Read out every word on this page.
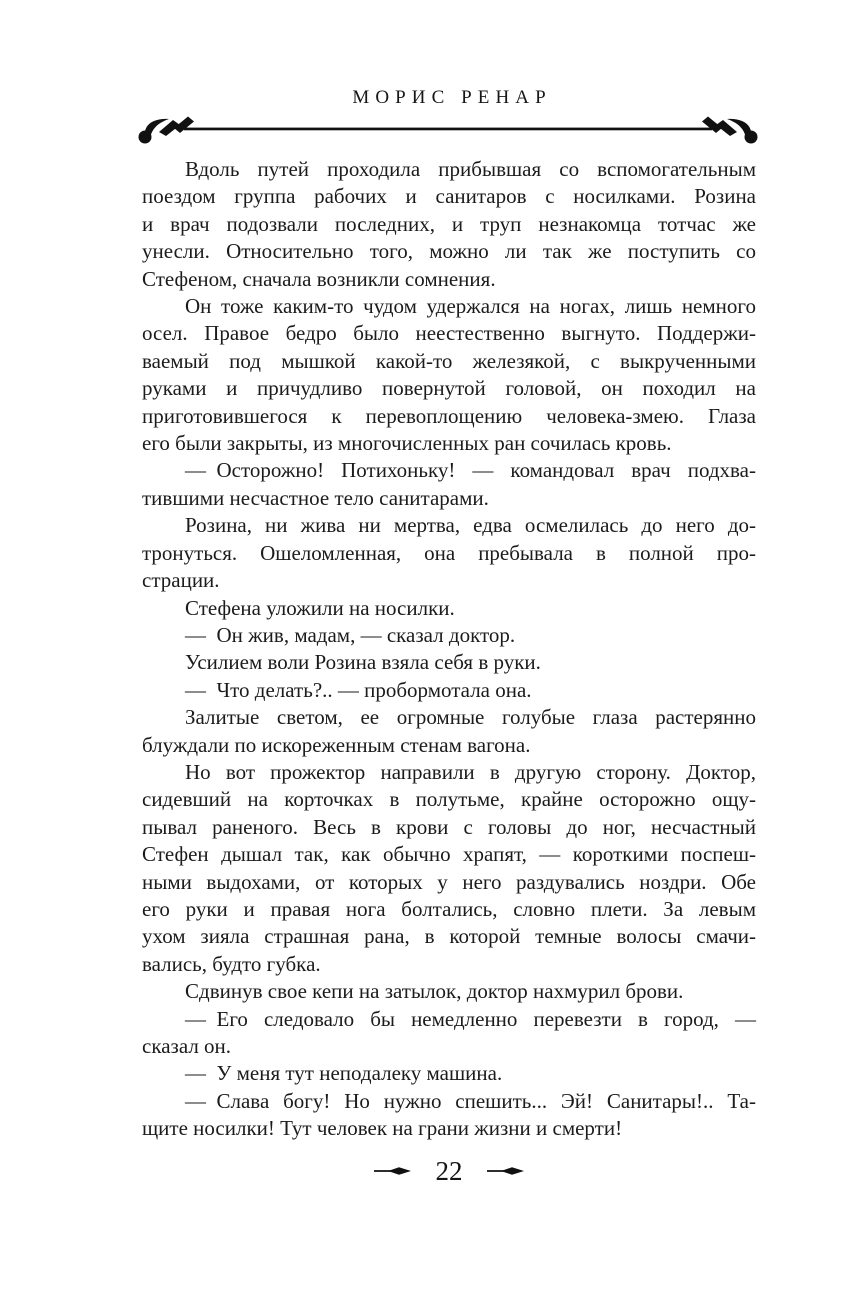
МОРИС РЕНАР
Вдоль путей проходила прибывшая со вспомогательным
поездом группа рабочих и санитаров с носилками. Розина
и врач подозвали последних, и труп незнакомца тотчас же
унесли. Относительно того, можно ли так же поступить со
Стефеном, сначала возникли сомнения.
Он тоже каким-то чудом удержался на ногах, лишь немного
осел. Правое бедро было неестественно выгнуто. Поддержи-
ваемый под мышкой какой-то железякой, с выкрученными
руками и причудливо повернутой головой, он походил на
приготовившегося к перевоплощению человека-змею. Глаза
его были закрыты, из многочисленных ран сочилась кровь.
— Осторожно! Потихоньку! — командовал врач подхва-
тившими несчастное тело санитарами.
Розина, ни жива ни мертва, едва осмелилась до него до-
тронуться. Ошеломленная, она пребывала в полной про-
страции.
Стефена уложили на носилки.
— Он жив, мадам, — сказал доктор.
Усилием воли Розина взяла себя в руки.
— Что делать?.. — пробормотала она.
Залитые светом, ее огромные голубые глаза растерянно
блуждали по искореженным стенам вагона.
Но вот прожектор направили в другую сторону. Доктор,
сидевший на корточках в полутьме, крайне осторожно ощу-
пывал раненого. Весь в крови с головы до ног, несчастный
Стефен дышал так, как обычно храпят, — короткими поспеш-
ными выдохами, от которых у него раздувались ноздри. Обе
его руки и правая нога болтались, словно плети. За левым
ухом зияла страшная рана, в которой темные волосы смачи-
вались, будто губка.
Сдвинув свое кепи на затылок, доктор нахмурил брови.
— Его следовало бы немедленно перевезти в город, —
сказал он.
— У меня тут неподалеку машина.
— Слава богу! Но нужно спешить... Эй! Санитары!.. Та-
щите носилки! Тут человек на грани жизни и смерти!
22
